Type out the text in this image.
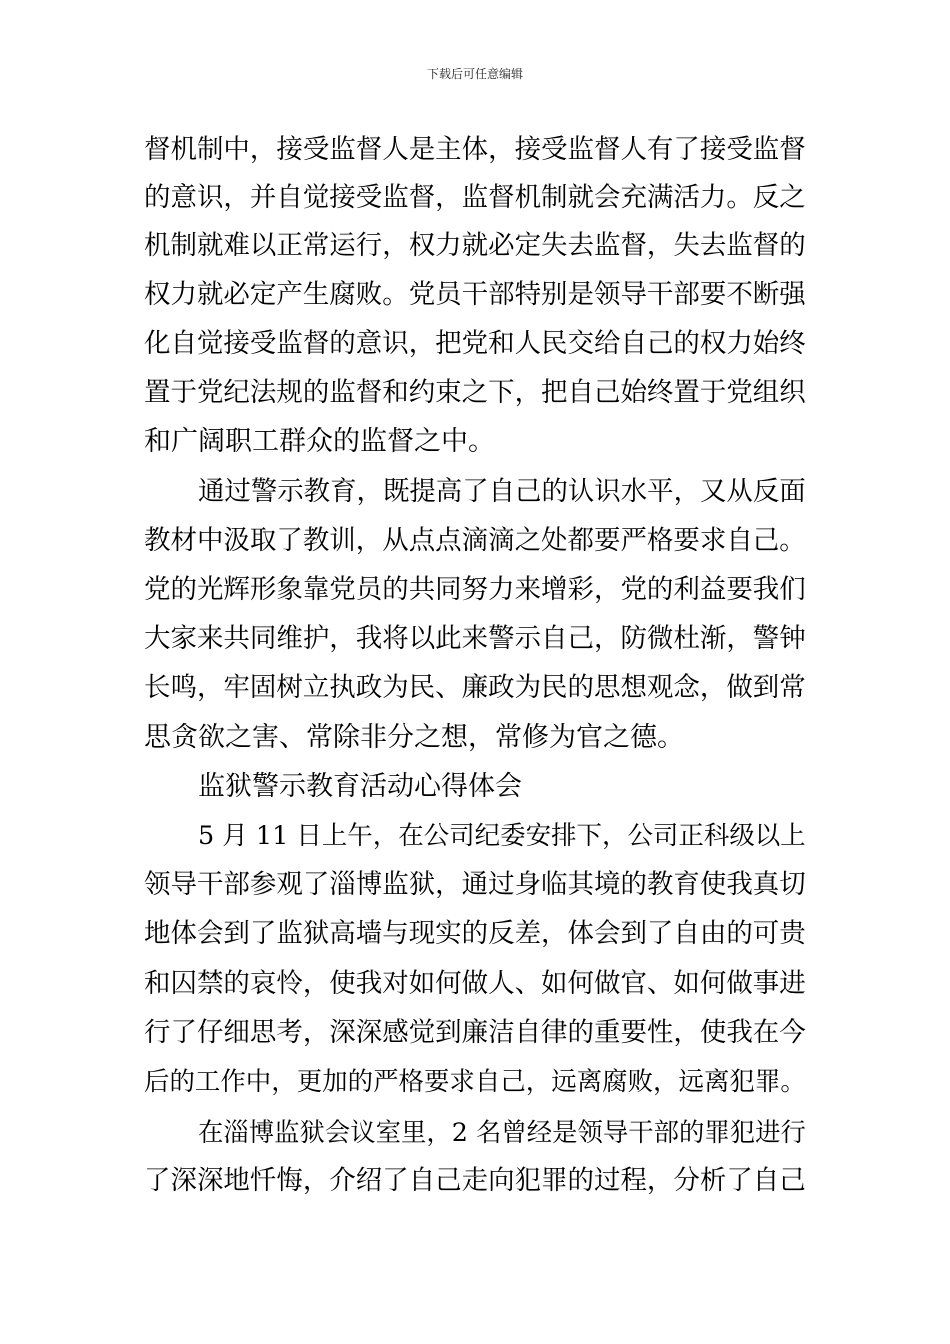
下载后可任意编辑
督机制中，接受监督人是主体，接受监督人有了接受监督
的意识，并自觉接受监督，监督机制就会充满活力。反之
机制就难以正常运行，权力就必定失去监督，失去监督的
权力就必定产生腐败。党员干部特别是领导干部要不断强
化自觉接受监督的意识，把党和人民交给自己的权力始终
置于党纪法规的监督和约束之下，把自己始终置于党组织
和广阔职工群众的监督之中。
通过警示教育，既提高了自己的认识水平，又从反面
教材中汲取了教训，从点点滴滴之处都要严格要求自己。
党的光辉形象靠党员的共同努力来增彩，党的利益要我们
大家来共同维护，我将以此来警示自己，防微杜渐，警钟
长鸣，牢固树立执政为民、廉政为民的思想观念，做到常
思贪欲之害、常除非分之想，常修为官之德。
监狱警示教育活动心得体会
5 月 11 日上午，在公司纪委安排下，公司正科级以上
领导干部参观了淄博监狱，通过身临其境的教育使我真切
地体会到了监狱高墙与现实的反差，体会到了自由的可贵
和囚禁的哀怜，使我对如何做人、如何做官、如何做事进
行了仔细思考，深深感觉到廉洁自律的重要性，使我在今
后的工作中，更加的严格要求自己，远离腐败，远离犯罪。
在淄博监狱会议室里，2 名曾经是领导干部的罪犯进行
了深深地忏悔，介绍了自己走向犯罪的过程，分析了自己
